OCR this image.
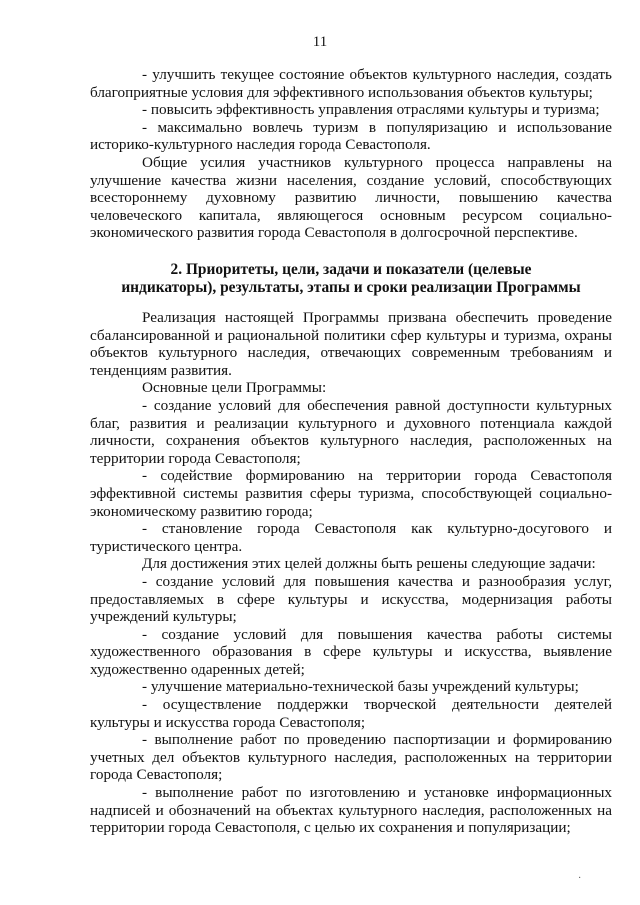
11

- улучшить текущее состояние объектов культурного наследия, создать благоприятные условия для эффективного использования объектов культуры;

- повысить эффективность управления отраслями культуры и туризма;

- максимально вовлечь туризм в популяризацию и использование историко-культурного наследия города Севастополя.

Общие усилия участников культурного процесса направлены на улучшение качества жизни населения, создание условий, способствующих всестороннему духовному развитию личности, повышению качества человеческого капитала, являющегося основным ресурсом социально-экономического развития города Севастополя в долгосрочной перспективе.

2. Приоритеты, цели, задачи и показатели (целевые
индикаторы), результаты, этапы и сроки реализации Программы

Реализация настоящей Программы призвана обеспечить проведение сбалансированной и рациональной политики сфер культуры и туризма, охраны объектов культурного наследия, отвечающих современным требованиям и тенденциям развития.

Основные цели Программы:

- создание условий для обеспечения равной доступности культурных благ, развития и реализации культурного и духовного потенциала каждой личности, сохранения объектов культурного наследия, расположенных на территории города Севастополя;

- содействие формированию на территории города Севастополя эффективной системы развития сферы туризма, способствующей социально-экономическому развитию города;

- становление города Севастополя как культурно-досугового и туристического центра.

Для достижения этих целей должны быть решены следующие задачи:

- создание условий для повышения качества и разнообразия услуг, предоставляемых в сфере культуры и искусства, модернизация работы учреждений культуры;

- создание условий для повышения качества работы системы художественного образования в сфере культуры и искусства, выявление художественно одаренных детей;

- улучшение материально-технической базы учреждений культуры;

- осуществление поддержки творческой деятельности деятелей культуры и искусства города Севастополя;

- выполнение работ по проведению паспортизации и формированию учетных дел объектов культурного наследия, расположенных на территории города Севастополя;

- выполнение работ по изготовлению и установке информационных надписей и обозначений на объектах культурного наследия, расположенных на территории города Севастополя, с целью их сохранения и популяризации;

·
